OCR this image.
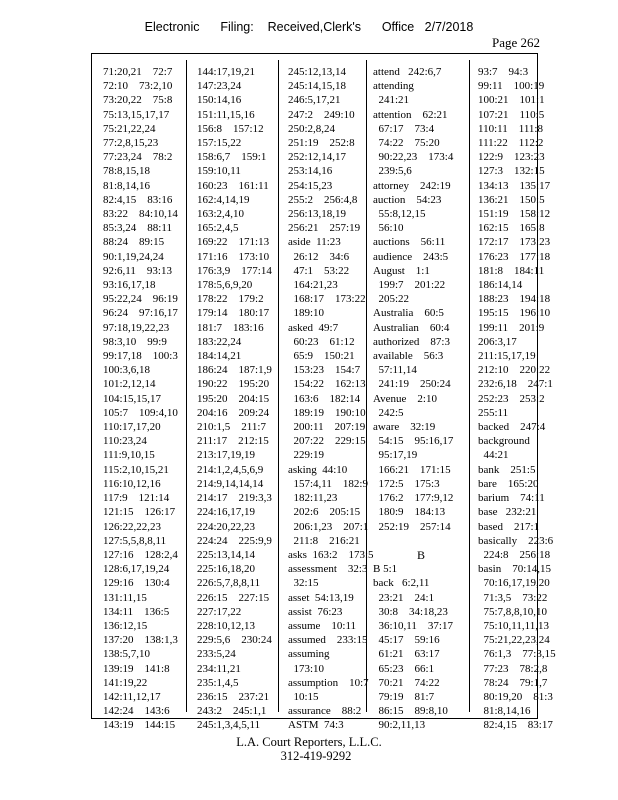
Electronic      Filing:    Received,Clerk's      Office   2/7/2018
Page 262
71:20,21    72:7
72:10    73:2,10
73:20,22    75:8
75:13,15,17,17
75:21,22,24
77:2,8,15,23
77:23,24    78:2
78:8,15,18
81:8,14,16
82:4,15    83:16
83:22    84:10,14
85:3,24    88:11
88:24    89:15
90:1,19,24,24
92:6,11    93:13
93:16,17,18
95:22,24    96:19
96:24    97:16,17
97:18,19,22,23
98:3,10    99:9
99:17,18    100:3
100:3,6,18
101:2,12,14
104:15,15,17
105:7    109:4,10
110:17,17,20
110:23,24
111:9,10,15
115:2,10,15,21
116:10,12,16
117:9    121:14
121:15    126:17
126:22,22,23
127:5,5,8,8,11
127:16    128:2,4
128:6,17,19,24
129:16    130:4
131:11,15
134:11    136:5
136:12,15
137:20    138:1,3
138:5,7,10
139:19    141:8
141:19,22
142:11,12,17
142:24    143:6
143:19    144:15
144:17,19,21
147:23,24
150:14,16
151:11,15,16
156:8    157:12
157:15,22
158:6,7    159:1
159:10,11
160:23    161:11
162:4,14,19
163:2,4,10
165:2,4,5
169:22    171:13
171:16    173:10
176:3,9    177:14
178:5,6,9,20
178:22    179:2
179:14    180:17
181:7    183:16
183:22,24
184:14,21
186:24    187:1,9
190:22    195:20
195:20    204:15
204:16    209:24
210:1,5    211:7
211:17    212:15
213:17,19,19
214:1,2,4,5,6,9
214:9,14,14,14
214:17    219:3,3
224:16,17,19
224:20,22,23
224:24    225:9,9
225:13,14,14
225:16,18,20
226:5,7,8,8,11
226:15    227:15
227:17,22
228:10,12,13
229:5,6    230:24
233:5,24
234:11,21
235:1,4,5
236:15    237:21
243:2    245:1,1
245:1,3,4,5,11
245:12,13,14
245:14,15,18
246:5,17,21
247:2    249:10
250:2,8,24
251:19    252:8
252:12,14,17
253:14,16
254:15,23
255:2    256:4,8
256:13,18,19
256:21    257:19
aside  11:23
26:12    34:6
47:1    53:22
164:21,23
168:17    173:22
189:10
asked  49:7
60:23    61:12
65:9    150:21
153:23    154:7
154:22    162:13
163:6    182:14
189:19    190:10
200:11    207:19
207:22    229:15
229:19
asking  44:10
157:4,11    182:9
182:11,23
202:6    205:15
206:1,23    207:1
211:8    216:21
asks  163:2    173:5
assessment    32:3
32:15
asset  54:13,19
assist  76:23
assume    10:11
assumed    233:15
assuming
173:10
assumption    10:7
10:15
assurance    88:2
ASTM  74:3
attend   242:6,7
attending
241:21
attention    62:21
67:17    73:4
74:22    75:20
90:22,23    173:4
239:5,6
attorney    242:19
auction    54:23
55:8,12,15
56:10
auctions    56:11
audience    243:5
August    1:1
199:7    201:22
205:22
Australia    60:5
Australian    60:4
authorized    87:3
available    56:3
57:11,14
241:19    250:24
Avenue    2:10
242:5
aware    32:19
54:15    95:16,17
95:17,19
166:21    171:15
172:5    175:3
176:2    177:9,12
180:9    184:13
252:19    257:14

B
B 5:1
back   6:2,11
23:21    24:1
30:8    34:18,23
36:10,11    37:17
45:17    59:16
61:21    63:17
65:23    66:1
70:21    74:22
79:19    81:7
86:15    89:8,10
90:2,11,13
93:7    94:3
99:11    100:19
100:21    101:1
107:21    110:5
110:11    111:8
111:22    112:2
122:9    123:23
127:3    132:15
134:13    135:17
136:21    150:5
151:19    158:12
162:15    165:8
172:17    173:23
176:23    177:18
181:8    184:11
186:14,14
188:23    194:18
195:15    196:10
199:11    201:9
206:3,17
211:15,17,19
212:10    220:22
232:6,18    247:1
252:23    253:2
255:11
backed    247:4
background
44:21
bank    251:5
bare    165:20
barium    74:11
base   232:21
based    217:1
basically    223:6
224:8    256:18
basin    70:14,15
70:16,17,19,20
71:3,5    73:22
75:7,8,8,10,10
75:10,11,11,13
75:21,22,23,24
76:1,3    77:3,15
77:23    78:2,8
78:24    79:1,7
80:19,20    81:3
81:8,14,16
82:4,15    83:17
L.A. Court Reporters, L.L.C.
312-419-9292
